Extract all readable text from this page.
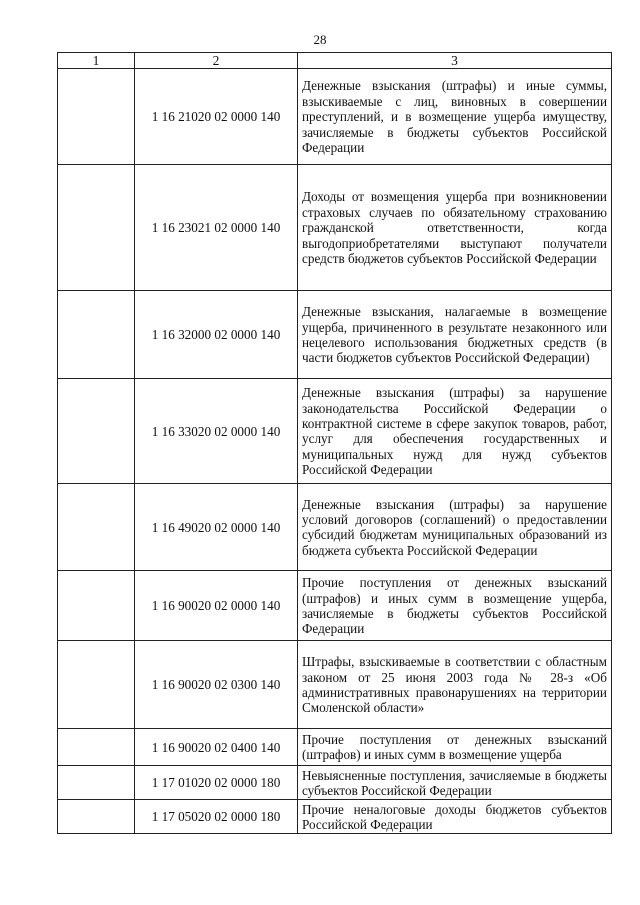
28
1	2	3
	1 16 21020 02 0000 140	Денежные взыскания (штрафы) и иные суммы, взыскиваемые с лиц, виновных в совершении преступлений, и в возмещение ущерба имуществу, зачисляемые в бюджеты субъектов Российской Федерации
	1 16 23021 02 0000 140	Доходы от возмещения ущерба при возникновении страховых случаев по обязательному страхованию гражданской ответственности, когда выгодоприобретателями выступают получатели средств бюджетов субъектов Российской Федерации
	1 16 32000 02 0000 140	Денежные взыскания, налагаемые в возмещение ущерба, причиненного в результате незаконного или нецелевого использования бюджетных средств (в части бюджетов субъектов Российской Федерации)
	1 16 33020 02 0000 140	Денежные взыскания (штрафы) за нарушение законодательства Российской Федерации о контрактной системе в сфере закупок товаров, работ, услуг для обеспечения государственных и муниципальных нужд для нужд субъектов Российской Федерации
	1 16 49020 02 0000 140	Денежные взыскания (штрафы) за нарушение условий договоров (соглашений) о предоставлении субсидий бюджетам муниципальных образований из бюджета субъекта Российской Федерации
	1 16 90020 02 0000 140	Прочие поступления от денежных взысканий (штрафов) и иных сумм в возмещение ущерба, зачисляемые в бюджеты субъектов Российской Федерации
	1 16 90020 02 0300 140	Штрафы, взыскиваемые в соответствии с областным законом от 25 июня 2003 года № 28-з «Об административных правонарушениях на территории Смоленской области»
	1 16 90020 02 0400 140	Прочие поступления от денежных взысканий (штрафов) и иных сумм в возмещение ущерба
	1 17 01020 02 0000 180	Невыясненные поступления, зачисляемые в бюджеты субъектов Российской Федерации
	1 17 05020 02 0000 180	Прочие неналоговые доходы бюджетов субъектов Российской Федерации
